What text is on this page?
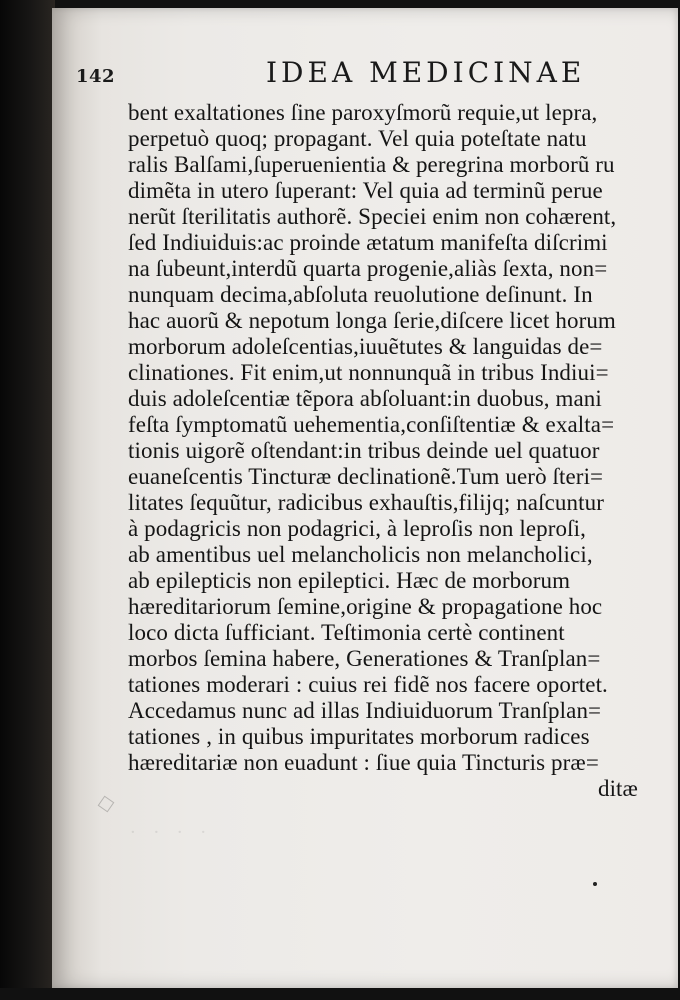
142	IDEA MEDICINAE
bent exaltationes ſine paroxyſmorũ requie,ut lepra,
perpetuò quoq; propagant. Vel quia poteſtate natu
ralis Balſami,ſuperuenientia & peregrina morborũ ru
dimẽta in utero ſuperant: Vel quia ad terminũ perue
nerũt ſterilitatis authorẽ. Speciei enim non cohærent,
ſed Indiuiduis:ac proinde ætatum manifeſta diſcrimi
na ſubeunt,interdũ quarta progenie,aliàs ſexta, non=
nunquam decima,abſoluta reuolutione deſinunt. In
hac auorũ & nepotum longa ſerie,diſcere licet horum
morborum adoleſcentias,iuuẽtutes & languidas de=
clinationes. Fit enim,ut nonnunquã in tribus Indiui=
duis adoleſcentiæ tẽpora abſoluant:in duobus, mani
feſta ſymptomatũ uehementia,conſiſtentiæ & exalta=
tionis uigorẽ oſtendant:in tribus deinde uel quatuor
euaneſcentis Tincturæ declinationẽ.Tum uerò ſteri=
litates ſequũtur, radicibus exhauſtis,filijq; naſcuntur
à podagricis non podagrici, à leproſis non leproſi,
ab amentibus uel melancholicis non melancholici,
ab epilepticis non epileptici. Hæc de morborum
hæreditariorum ſemine,origine & propagatione hoc
loco dicta ſufficiant. Teſtimonia certè continent
morbos ſemina habere, Generationes & Tranſplan=
tationes moderari : cuius rei fidẽ nos facere oportet.
Accedamus nunc ad illas Indiuiduorum Tranſplan=
tationes , in quibus impuritates morborum radices
hæreditariæ non euadunt : ſiue quia Tincturis præ=
ditæ
· · · ·
